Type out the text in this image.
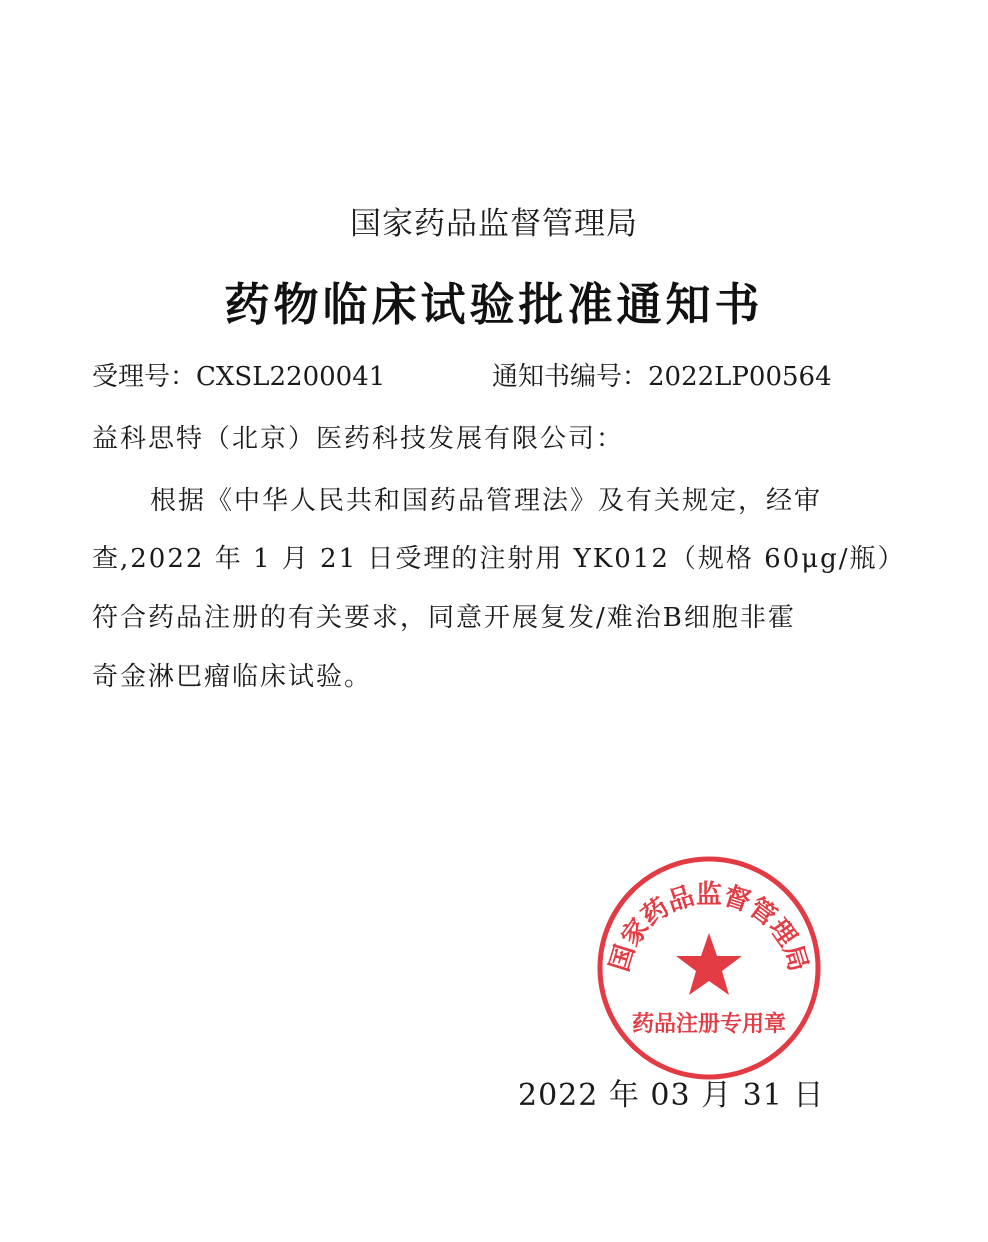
国家药品监督管理局
药物临床试验批准通知书
受理号：CXSL2200041	通知书编号：2022LP00564
益科思特（北京）医药科技发展有限公司：
根据《中华人民共和国药品管理法》及有关规定，经审
查,2022 年 1 月 21 日受理的注射用 YK012（规格 60μg/瓶）
符合药品注册的有关要求，同意开展复发/难治B细胞非霍
奇金淋巴瘤临床试验。
国家药品监督管理局
药品注册专用章
2022 年 03 月 31 日
